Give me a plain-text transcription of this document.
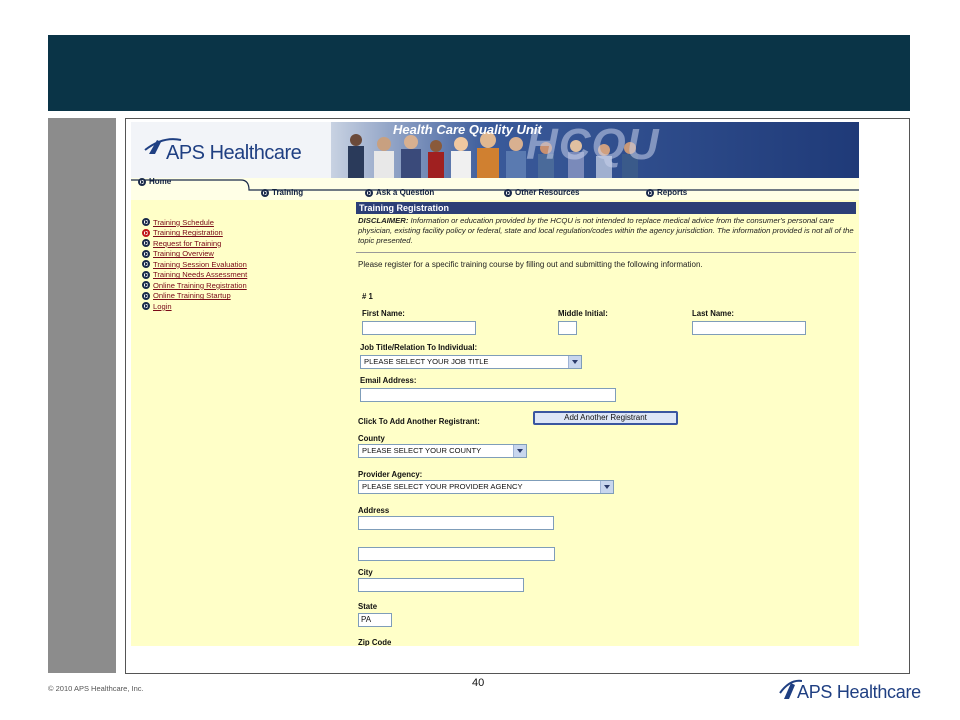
HCQU
Health Care Quality Unit
APS Healthcare
Home
Training	Ask a Question	Other Resources	Reports
Training Schedule
Training Registration
Request for Training
Training Overview
Training Session Evaluation
Training Needs Assessment
Online Training Registration
Online Training Startup
Login
Training Registration
DISCLAIMER: Information or education provided by the HCQU is not intended to replace medical advice from the consumer's personal care physician, existing facility policy or federal, state and local regulation/codes within the agency jurisdiction. The information provided is not all of the topic presented.
Please register for a specific training course by filling out and submitting the following information.
# 1
First Name:	Middle Initial:	Last Name:
Job Title/Relation To Individual:
PLEASE SELECT YOUR JOB TITLE
Email Address:
Click To Add Another Registrant:	Add Another Registrant
County
PLEASE SELECT YOUR COUNTY
Provider Agency:
PLEASE SELECT YOUR PROVIDER AGENCY
Address
City
State
PA
Zip Code
© 2010 APS Healthcare, Inc.	40	APS Healthcare
